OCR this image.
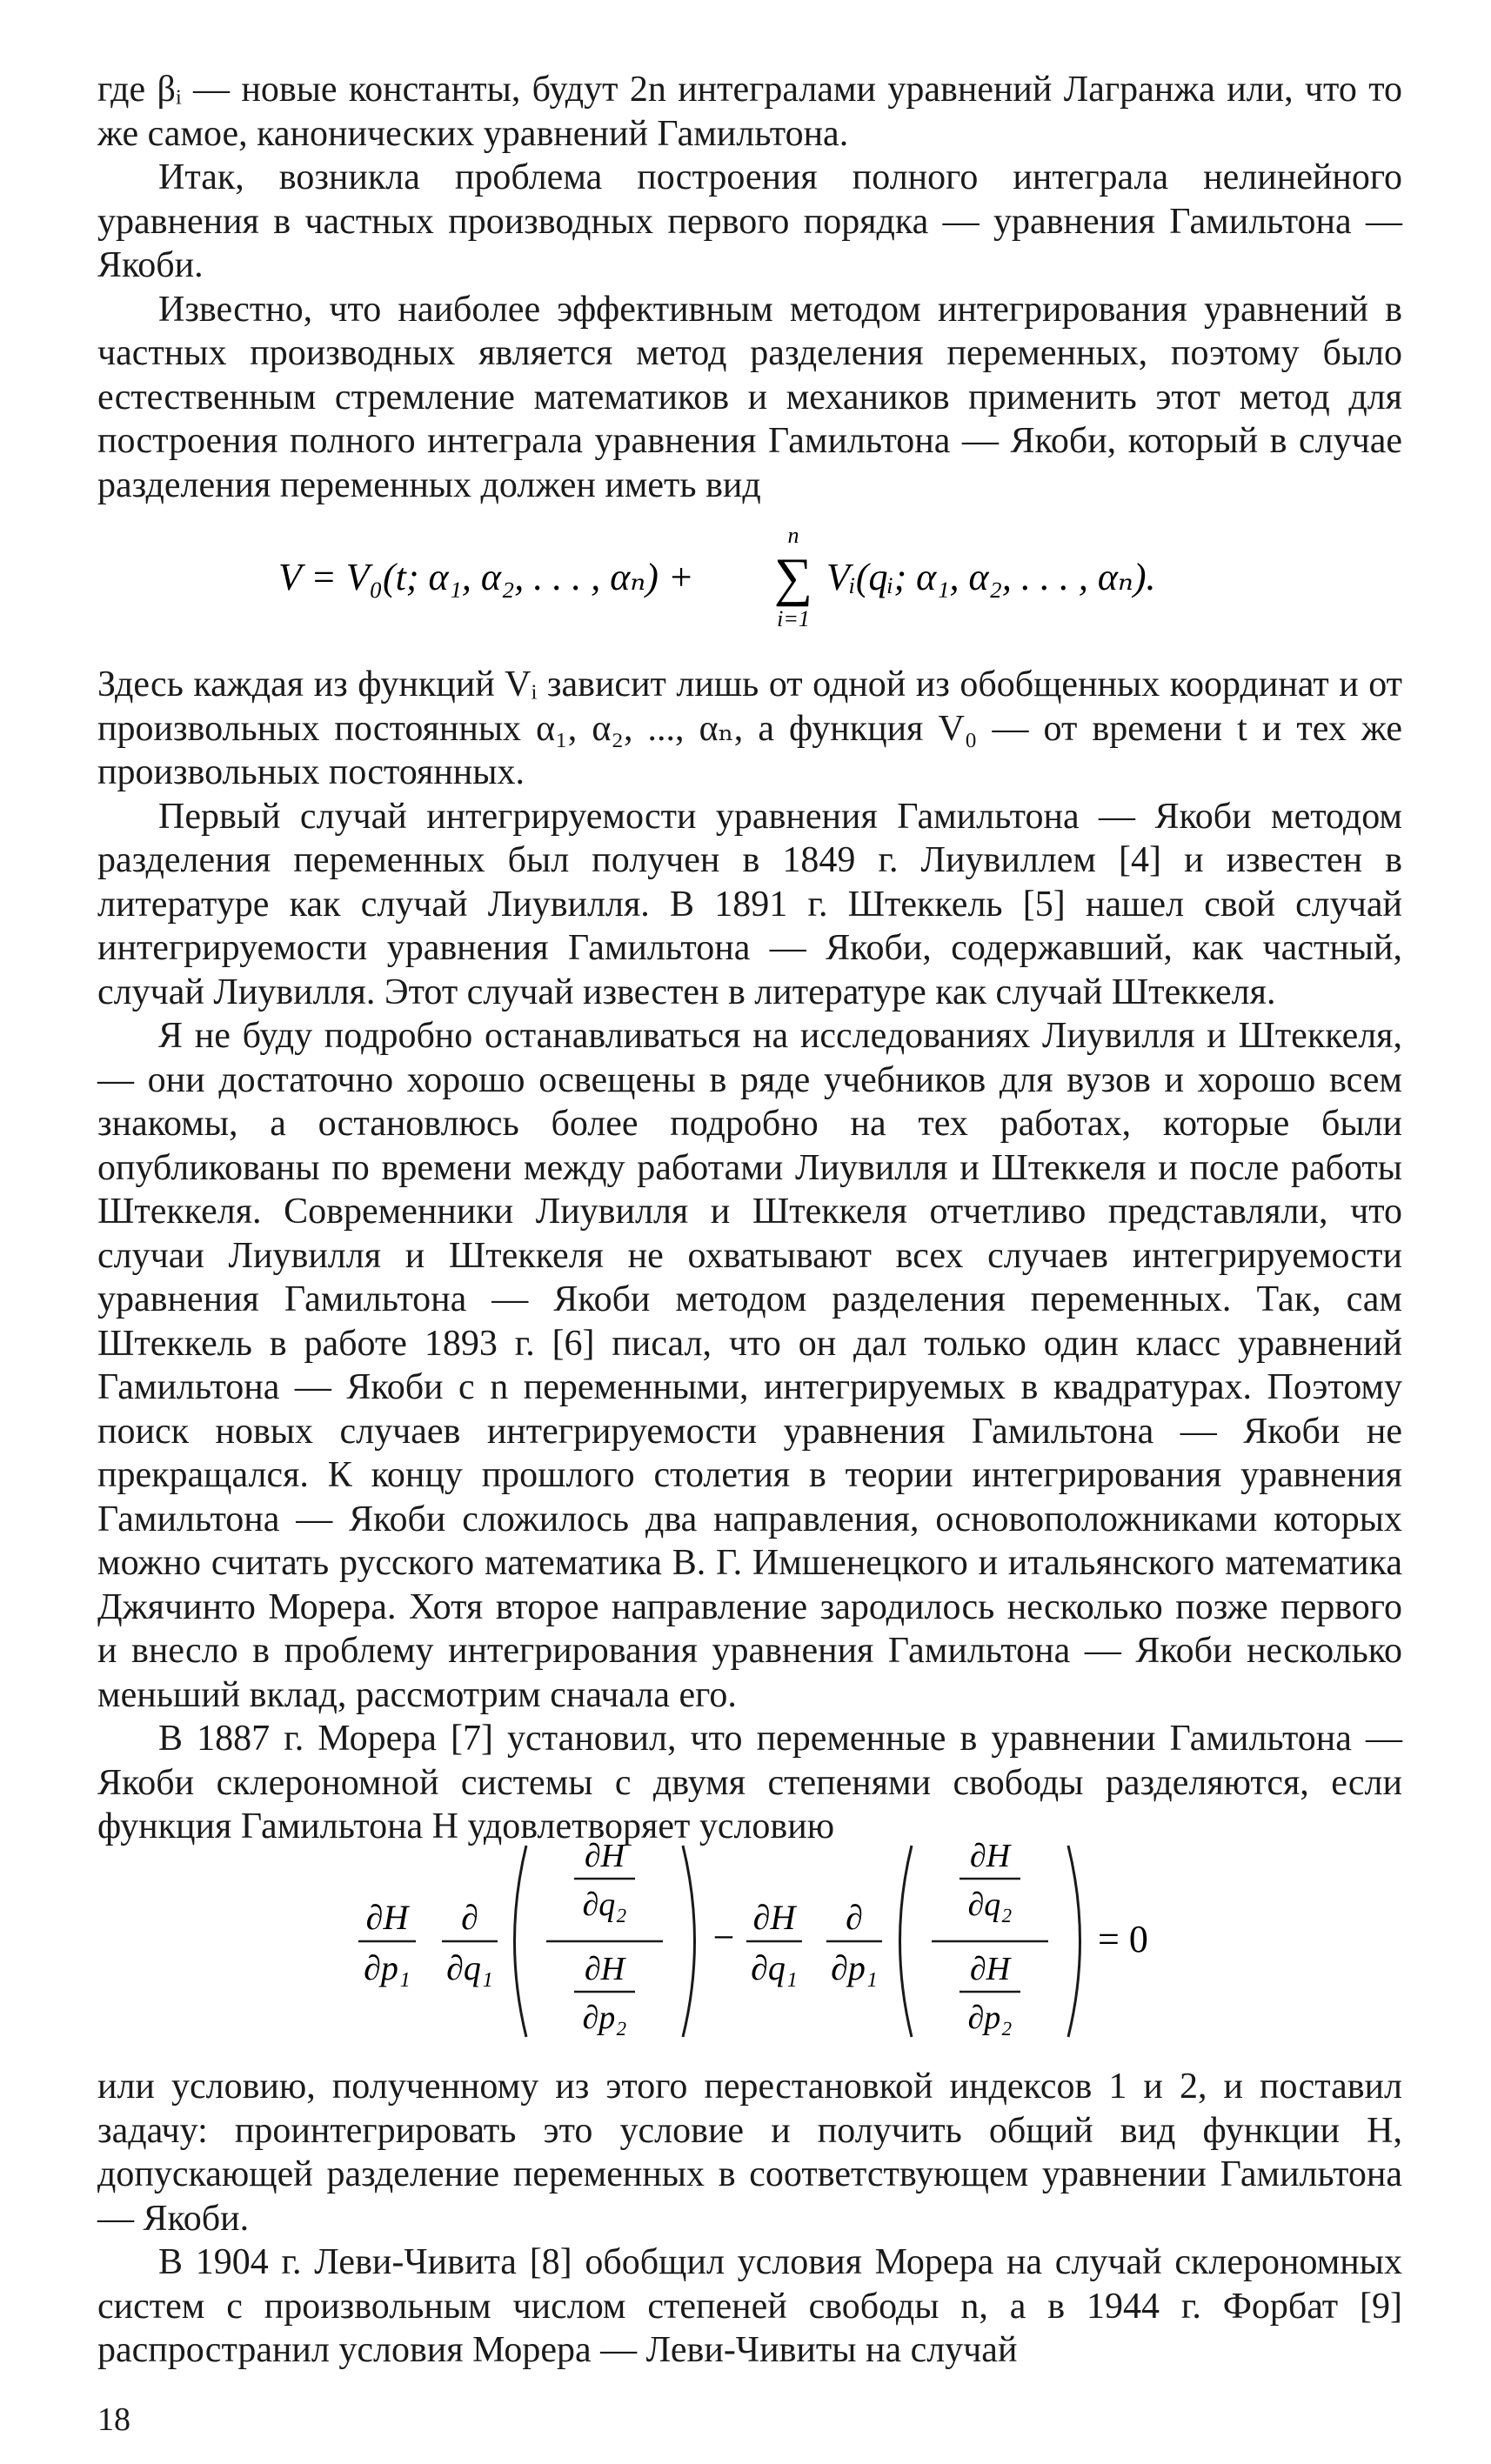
где βᵢ — новые константы, будут 2n интегралами уравнений Лагранжа или, что то же самое, канонических уравнений Гамильтона.

Итак, возникла проблема построения полного интеграла нелинейного уравнения в частных производных первого порядка — уравнения Гамильтона — Якоби.

Известно, что наиболее эффективным методом интегрирования уравнений в частных производных является метод разделения переменных, поэтому было естественным стремление математиков и механиков применить этот метод для построения полного интеграла уравнения Гамильтона — Якоби, который в случае разделения переменных должен иметь вид

V = V₀(t; α₁, α₂, . . . , αₙ) +
n
∑
i=1
Vᵢ(qᵢ; α₁, α₂, . . . , αₙ).

Здесь каждая из функций Vᵢ зависит лишь от одной из обобщенных координат и от произвольных постоянных α₁, α₂, ..., αₙ, а функция V₀ — от времени t и тех же произвольных постоянных.

Первый случай интегрируемости уравнения Гамильтона — Якоби методом разделения переменных был получен в 1849 г. Лиувиллем [4] и известен в литературе как случай Лиувилля. В 1891 г. Штеккель [5] нашел свой случай интегрируемости уравнения Гамильтона — Якоби, содержавший, как частный, случай Лиувилля. Этот случай известен в литературе как случай Штеккеля.

Я не буду подробно останавливаться на исследованиях Лиувилля и Штеккеля, — они достаточно хорошо освещены в ряде учебников для вузов и хорошо всем знакомы, а остановлюсь более подробно на тех работах, которые были опубликованы по времени между работами Лиувилля и Штеккеля и после работы Штеккеля. Современники Лиувилля и Штеккеля отчетливо представляли, что случаи Лиувилля и Штеккеля не охватывают всех случаев интегрируемости уравнения Гамильтона — Якоби методом разделения переменных. Так, сам Штеккель в работе 1893 г. [6] писал, что он дал только один класс уравнений Гамильтона — Якоби с n переменными, интегрируемых в квадратурах. Поэтому поиск новых случаев интегрируемости уравнения Гамильтона — Якоби не прекращался. К концу прошлого столетия в теории интегрирования уравнения Гамильтона — Якоби сложилось два направления, основоположниками которых можно считать русского математика В. Г. Имшенецкого и итальянского математика Джячинто Морера. Хотя второе направление зародилось несколько позже первого и внесло в проблему интегрирования уравнения Гамильтона — Якоби несколько меньший вклад, рассмотрим сначала его.

В 1887 г. Морера [7] установил, что переменные в уравнении Гамильтона — Якоби склерономной системы с двумя степенями свободы разделяются, если функция Гамильтона H удовлетворяет условию

∂H
∂p₁
∂
∂q₁
∂H
∂q₂
∂H
∂p₂
− ∂H
∂q₁
∂
∂p₁
∂H
∂q₂
∂H
∂p₂
= 0

или условию, полученному из этого перестановкой индексов 1 и 2, и поставил задачу: проинтегрировать это условие и получить общий вид функции H, допускающей разделение переменных в соответствующем уравнении Гамильтона — Якоби.

В 1904 г. Леви-Чивита [8] обобщил условия Морера на случай склерономных систем с произвольным числом степеней свободы n, а в 1944 г. Форбат [9] распространил условия Морера — Леви-Чивиты на случай

18
